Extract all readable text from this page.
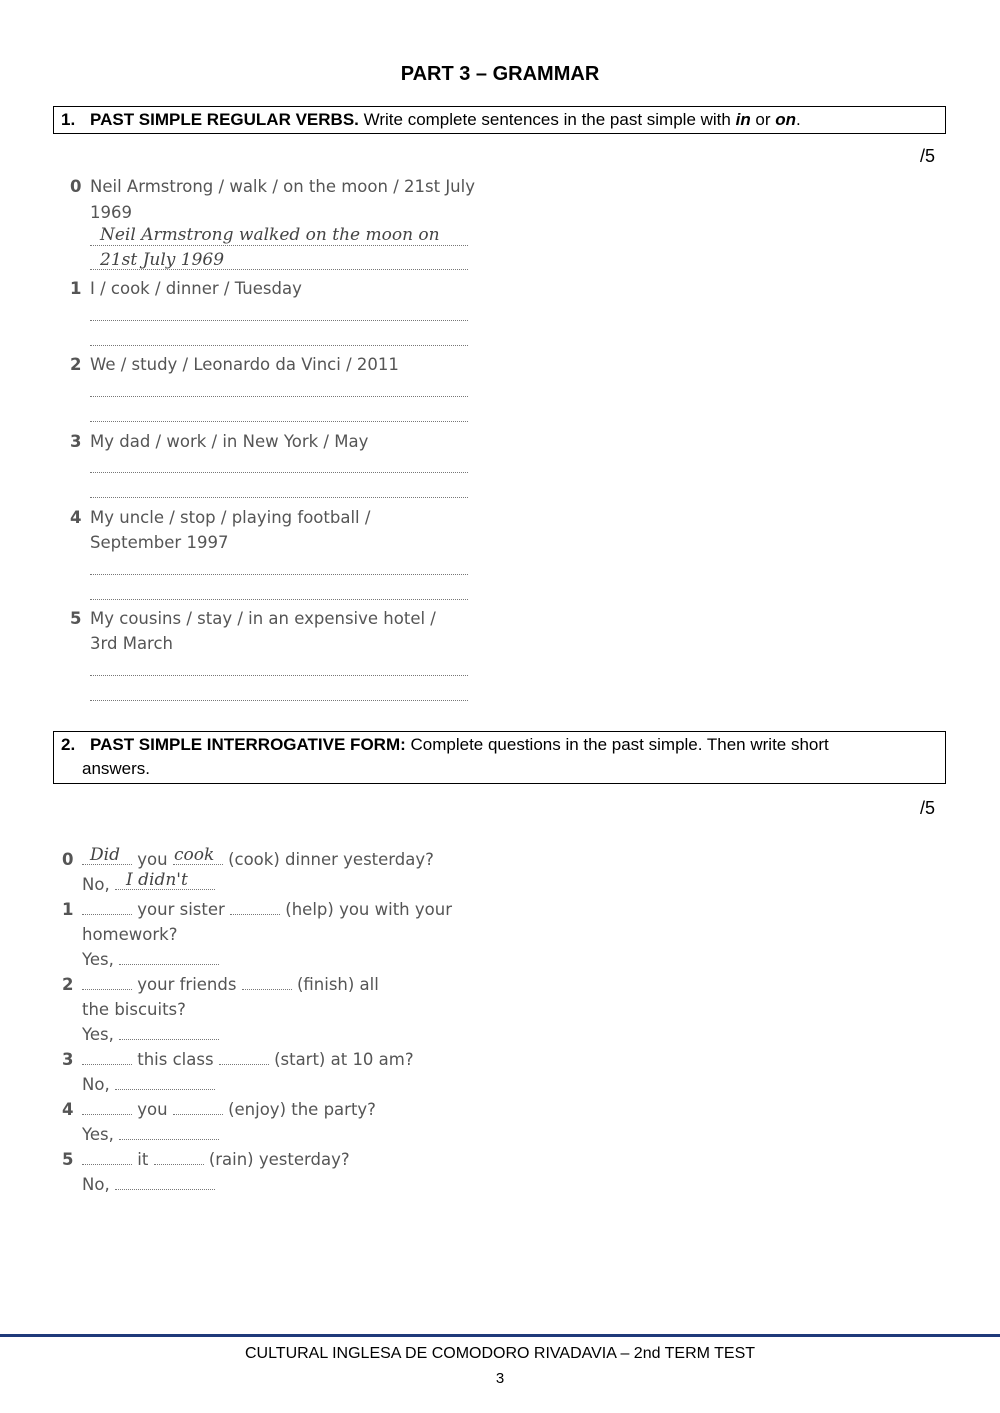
PART 3 – GRAMMAR
1. PAST SIMPLE REGULAR VERBS. Write complete sentences in the past simple with in or on.
/5
0 Neil Armstrong / walk / on the moon / 21st July
1969
Neil Armstrong walked on the moon on
21st July 1969
1 I / cook / dinner / Tuesday
2 We / study / Leonardo da Vinci / 2011
3 My dad / work / in New York / May
4 My uncle / stop / playing football /
September 1997
5 My cousins / stay / in an expensive hotel /
3rd March
2. PAST SIMPLE INTERROGATIVE FORM: Complete questions in the past simple. Then write short
answers.
/5
0	you	(cook) dinner yesterday?
Did	cook
No, I didn't
1	your sister	(help) you with your
homework?
Yes,
2	your friends	(finish) all
the biscuits?
Yes,
3	this class	(start) at 10 am?
No,
4	you	(enjoy) the party?
Yes,
5	it	(rain) yesterday?
No,
CULTURAL INGLESA DE COMODORO RIVADAVIA – 2nd TERM TEST
3
